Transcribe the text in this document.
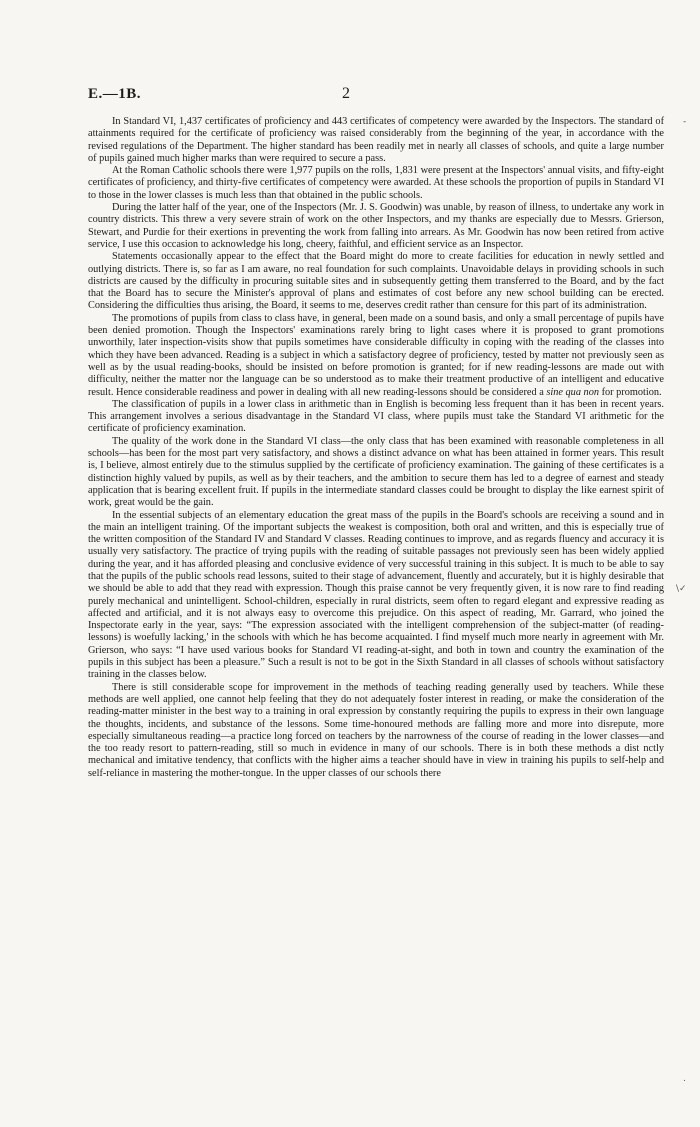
E.—1B.	2

In Standard VI, 1,437 certificates of proficiency and 443 certificates of competency were awarded by the Inspectors. The standard of attainments required for the certificate of proficiency was raised considerably from the beginning of the year, in accordance with the revised regulations of the Department. The higher standard has been readily met in nearly all classes of schools, and quite a large number of pupils gained much higher marks than were required to secure a pass.

At the Roman Catholic schools there were 1,977 pupils on the rolls, 1,831 were present at the Inspectors' annual visits, and fifty-eight certificates of proficiency, and thirty-five certificates of competency were awarded. At these schools the proportion of pupils in Standard VI to those in the lower classes is much less than that obtained in the public schools.

During the latter half of the year, one of the Inspectors (Mr. J. S. Goodwin) was unable, by reason of illness, to undertake any work in country districts. This threw a very severe strain of work on the other Inspectors, and my thanks are especially due to Messrs. Grierson, Stewart, and Purdie for their exertions in preventing the work from falling into arrears. As Mr. Goodwin has now been retired from active service, I use this occasion to acknowledge his long, cheery, faithful, and efficient service as an Inspector.

Statements occasionally appear to the effect that the Board might do more to create facilities for education in newly settled and outlying districts. There is, so far as I am aware, no real foundation for such complaints. Unavoidable delays in providing schools in such districts are caused by the difficulty in procuring suitable sites and in subsequently getting them transferred to the Board, and by the fact that the Board has to secure the Minister's approval of plans and estimates of cost before any new school building can be erected. Considering the difficulties thus arising, the Board, it seems to me, deserves credit rather than censure for this part of its administration.

The promotions of pupils from class to class have, in general, been made on a sound basis, and only a small percentage of pupils have been denied promotion. Though the Inspectors' examinations rarely bring to light cases where it is proposed to grant promotions unworthily, later inspection-visits show that pupils sometimes have considerable difficulty in coping with the reading of the classes into which they have been advanced. Reading is a subject in which a satisfactory degree of proficiency, tested by matter not previously seen as well as by the usual reading-books, should be insisted on before promotion is granted; for if new reading-lessons are made out with difficulty, neither the matter nor the language can be so understood as to make their treatment productive of an intelligent and educative result. Hence considerable readiness and power in dealing with all new reading-lessons should be considered a sine qua non for promotion.

The classification of pupils in a lower class in arithmetic than in English is becoming less frequent than it has been in recent years. This arrangement involves a serious disadvantage in the Standard VI class, where pupils must take the Standard VI arithmetic for the certificate of proficiency examination.

The quality of the work done in the Standard VI class—the only class that has been examined with reasonable completeness in all schools—has been for the most part very satisfactory, and shows a distinct advance on what has been attained in former years. This result is, I believe, almost entirely due to the stimulus supplied by the certificate of proficiency examination. The gaining of these certificates is a distinction highly valued by pupils, as well as by their teachers, and the ambition to secure them has led to a degree of earnest and steady application that is bearing excellent fruit. If pupils in the intermediate standard classes could be brought to display the like earnest spirit of work, great would be the gain.

In the essential subjects of an elementary education the great mass of the pupils in the Board's schools are receiving a sound and in the main an intelligent training. Of the important subjects the weakest is composition, both oral and written, and this is especially true of the written composition of the Standard IV and Standard V classes. Reading continues to improve, and as regards fluency and accuracy it is usually very satisfactory. The practice of trying pupils with the reading of suitable passages not previously seen has been widely applied during the year, and it has afforded pleasing and conclusive evidence of very successful training in this subject. It is much to be able to say that the pupils of the public schools read lessons, suited to their stage of advancement, fluently and accurately, but it is highly desirable that we should be able to add that they read with expression. Though this praise cannot be very frequently given, it is now rare to find reading purely mechanical and unintelligent. School-children, especially in rural districts, seem often to regard elegant and expressive reading as affected and artificial, and it is not always easy to overcome this prejudice. On this aspect of reading, Mr. Garrard, who joined the Inspectorate early in the year, says: “The expression associated with the intelligent comprehension of the subject-matter (of reading-lessons) is woefully lacking,' in the schools with which he has become acquainted. I find myself much more nearly in agreement with Mr. Grierson, who says: “I have used various books for Standard VI reading-at-sight, and both in town and country the examination of the pupils in this subject has been a pleasure.” Such a result is not to be got in the Sixth Standard in all classes of schools without satisfactory training in the classes below.

There is still considerable scope for improvement in the methods of teaching reading generally used by teachers. While these methods are well applied, one cannot help feeling that they do not adequately foster interest in reading, or make the consideration of the reading-matter minister in the best way to a training in oral expression by constantly requiring the pupils to express in their own language the thoughts, incidents, and substance of the lessons. Some time-honoured methods are falling more and more into disrepute, more especially simultaneous reading—a practice long forced on teachers by the narrowness of the course of reading in the lower classes—and the too ready resort to pattern-reading, still so much in evidence in many of our schools. There is in both these methods a dist nctly mechanical and imitative tendency, that conflicts with the higher aims a teacher should have in view in training his pupils to self-help and self-reliance in mastering the mother-tongue. In the upper classes of our schools there

-
\✓
.
